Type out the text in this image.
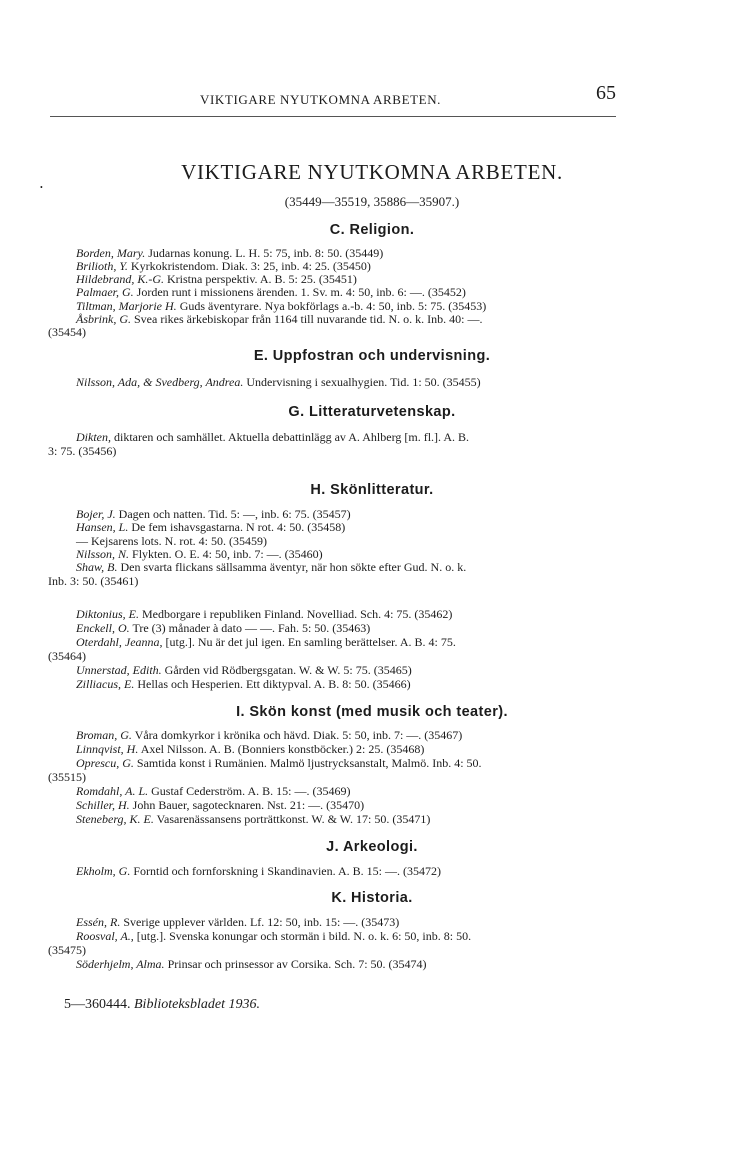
VIKTIGARE NYUTKOMNA ARBETEN.	65
•
VIKTIGARE NYUTKOMNA ARBETEN.
(35449—35519, 35886—35907.)
C. Religion.
Borden, Mary. Judarnas konung. L. H. 5: 75, inb. 8: 50. (35449)
Brilioth, Y. Kyrkokristendom. Diak. 3: 25, inb. 4: 25. (35450)
Hildebrand, K.-G. Kristna perspektiv. A. B. 5: 25. (35451)
Palmaer, G. Jorden runt i missionens ärenden. 1. Sv. m. 4: 50, inb. 6: —. (35452)
Tiltman, Marjorie H. Guds äventyrare. Nya bokförlags a.-b. 4: 50, inb. 5: 75. (35453)
Åsbrink, G. Svea rikes ärkebiskopar från 1164 till nuvarande tid. N. o. k. Inb. 40: —.
(35454)
E. Uppfostran och undervisning.
Nilsson, Ada, & Svedberg, Andrea. Undervisning i sexualhygien. Tid. 1: 50. (35455)
G. Litteraturvetenskap.
Dikten, diktaren och samhället. Aktuella debattinlägg av A. Ahlberg [m. fl.]. A. B.
3: 75. (35456)
H. Skönlitteratur.
Bojer, J. Dagen och natten. Tid. 5: —, inb. 6: 75. (35457)
Hansen, L. De fem ishavsgastarna. N rot. 4: 50. (35458)
— Kejsarens lots. N. rot. 4: 50. (35459)
Nilsson, N. Flykten. O. E. 4: 50, inb. 7: —. (35460)
Shaw, B. Den svarta flickans sällsamma äventyr, när hon sökte efter Gud. N. o. k.
Inb. 3: 50. (35461)
Diktonius, E. Medborgare i republiken Finland. Novelliad. Sch. 4: 75. (35462)
Enckell, O. Tre (3) månader à dato — —. Fah. 5: 50. (35463)
Oterdahl, Jeanna, [utg.]. Nu är det jul igen. En samling berättelser. A. B. 4: 75.
(35464)
Unnerstad, Edith. Gården vid Rödbergsgatan. W. & W. 5: 75. (35465)
Zilliacus, E. Hellas och Hesperien. Ett diktурval. A. B. 8: 50. (35466)
I. Skön konst (med musik och teater).
Broman, G. Våra domkyrkor i krönika och hävd. Diak. 5: 50, inb. 7: —. (35467)
Linnqvist, H. Axel Nilsson. A. B. (Bonniers konstböcker.) 2: 25. (35468)
Oprescu, G. Samtida konst i Rumänien. Malmö ljustrycksanstalt, Malmö. Inb. 4: 50.
(35515)
Romdahl, A. L. Gustaf Cederström. A. B. 15: —. (35469)
Schiller, H. John Bauer, sagotecknaren. Nst. 21: —. (35470)
Steneberg, K. E. Vasarenässansens porträttkonst. W. & W. 17: 50. (35471)
J. Arkeologi.
Ekholm, G. Forntid och fornforskning i Skandinavien. A. B. 15: —. (35472)
K. Historia.
Essén, R. Sverige upplever världen. Lf. 12: 50, inb. 15: —. (35473)
Roosval, A., [utg.]. Svenska konungar och stormän i bild. N. o. k. 6: 50, inb. 8: 50.
(35475)
Söderhjelm, Alma. Prinsar och prinsessor av Corsika. Sch. 7: 50. (35474)
5—360444. Biblioteksbladet 1936.
